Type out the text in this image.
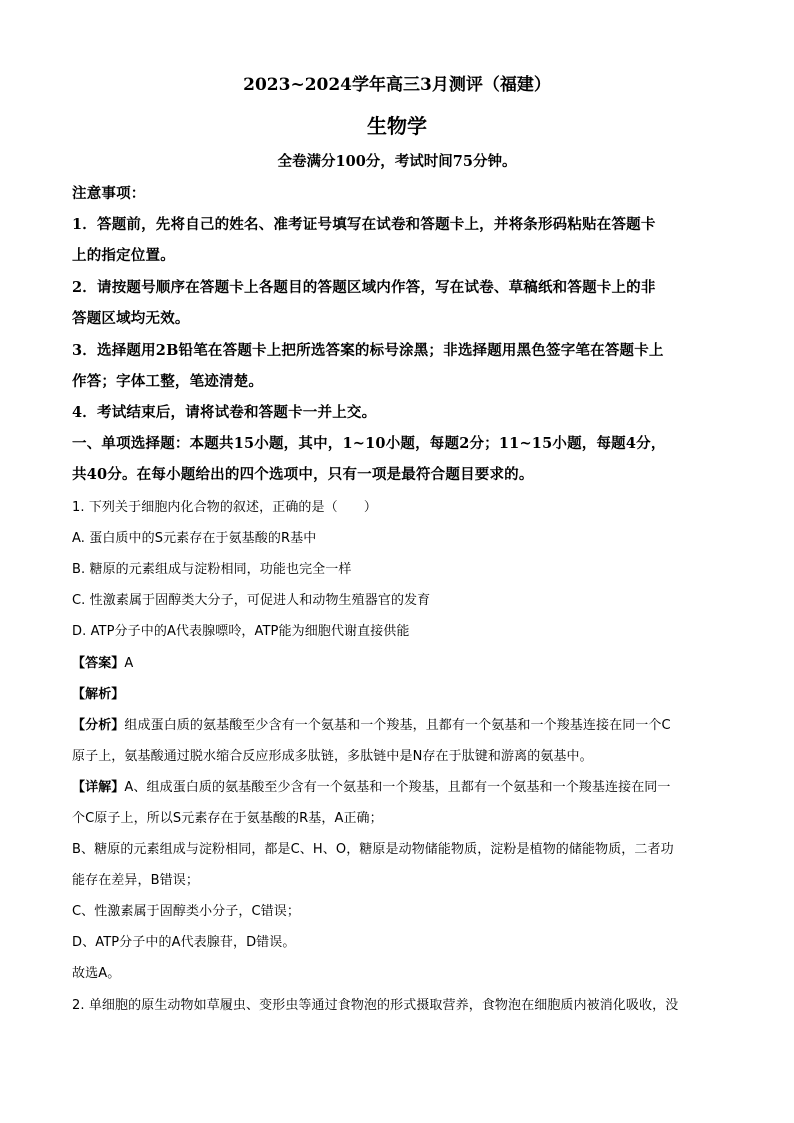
2023~2024学年高三3月测评（福建）
生物学
全卷满分100分，考试时间75分钟。
注意事项：
1．答题前，先将自己的姓名、准考证号填写在试卷和答题卡上，并将条形码粘贴在答题卡
上的指定位置。
2．请按题号顺序在答题卡上各题目的答题区域内作答，写在试卷、草稿纸和答题卡上的非
答题区域均无效。
3．选择题用2B铅笔在答题卡上把所选答案的标号涂黑；非选择题用黑色签字笔在答题卡上
作答；字体工整，笔迹清楚。
4．考试结束后，请将试卷和答题卡一并上交。
一、单项选择题：本题共15小题，其中，1~10小题，每题2分；11~15小题，每题4分，
共40分。在每小题给出的四个选项中，只有一项是最符合题目要求的。
1. 下列关于细胞内化合物的叙述，正确的是（　　）
A. 蛋白质中的S元素存在于氨基酸的R基中
B. 糖原的元素组成与淀粉相同，功能也完全一样
C. 性激素属于固醇类大分子，可促进人和动物生殖器官的发育
D. ATP分子中的A代表腺嘌呤，ATP能为细胞代谢直接供能
【答案】A
【解析】
【分析】组成蛋白质的氨基酸至少含有一个氨基和一个羧基，且都有一个氨基和一个羧基连接在同一个C
原子上，氨基酸通过脱水缩合反应形成多肽链，多肽链中是N存在于肽键和游离的氨基中。
【详解】A、组成蛋白质的氨基酸至少含有一个氨基和一个羧基，且都有一个氨基和一个羧基连接在同一
个C原子上，所以S元素存在于氨基酸的R基，A正确；
B、糖原的元素组成与淀粉相同，都是C、H、O，糖原是动物储能物质，淀粉是植物的储能物质，二者功
能存在差异，B错误；
C、性激素属于固醇类小分子，C错误；
D、ATP分子中的A代表腺苷，D错误。
故选A。
2. 单细胞的原生动物如草履虫、变形虫等通过食物泡的形式摄取营养，食物泡在细胞质内被消化吸收，没
